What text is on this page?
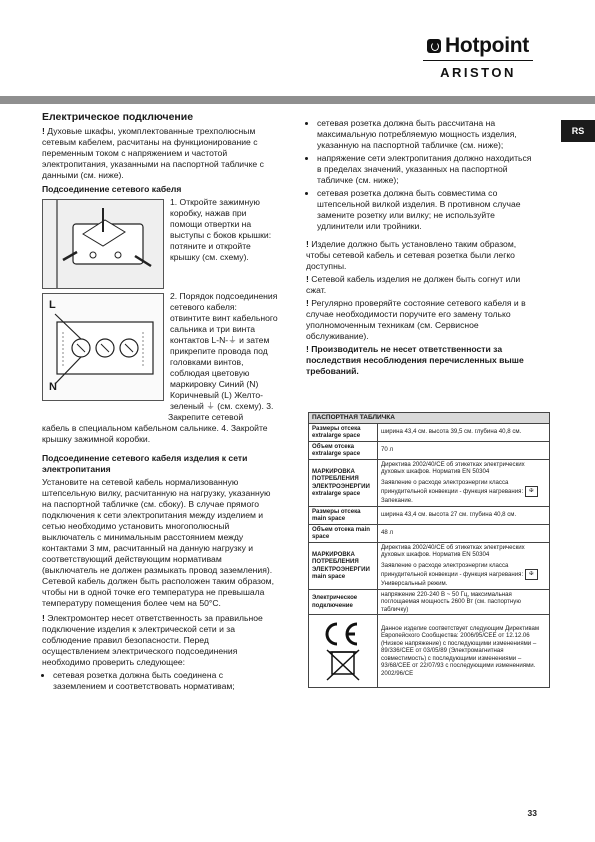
Hotpoint
ARISTON
RS
Електрическое подключение

! Духовые шкафы, укомплектованные трехполюсным сетевым кабелем, расчитаны на функционирование с переменным током с напряжением и частотой электропитания, указанными на паспортной табличке с данными (см. ниже).

Подсоединение сетевого кабеля
1. Откройте зажимную коробку, нажав при помощи отвертки на выступы с боков крышки: потяните и откройте крышку (см. схему).
L
N
2. Порядок подсоединения сетевого кабеля: отвинтите винт кабельного сальника и три винта контактов L-N-⏚ и затем прикрепите провода под головками винтов, соблюдая цветовую маркировку Синий (N) Коричневый (L) Желто-зеленый ⏚ (см. схему). 3. Закрепите сетевой

кабель в специальном кабельном сальнике. 4. Закройте крышку зажимной коробки.

Подсоединение сетевого кабеля изделия к сети электропитания

Установите на сетевой кабель нормализованную штепсельную вилку, расчитанную на нагрузку, указанную на паспортной табличке (см. сбоку). В случае прямого подключения к сети электропитания между изделием и сетью необходимо установить многополюсный выключатель с минимальным расстоянием между контактами 3 мм, расчитанный на данную нагрузку и соответствующий действующим нормативам (выключатель не должен размыкать провод заземления). Сетевой кабель должен быть расположен таким образом, чтобы ни в одной точке его температура не превышала температуру помещения более чем на 50°C.

! Электромонтер несет ответственность за правильное подключение изделия к электрической сети и за соблюдение правил безопасности. Перед осуществлением электрического подсоединения необходимо проверить следующее:

• сетевая розетка должна быть соединена с заземлением и соответствовать нормативам;
• сетевая розетка должна быть рассчитана на максимальную потребляемую мощность изделия, указанную на паспортной табличке (см. ниже);
• напряжение сети электропитания должно находиться в пределах значений, указанных на паспортной табличке (см. ниже);
• сетевая розетка должна быть совместима со штепсельной вилкой изделия. В противном случае замените розетку или вилку; не используйте удлинители или тройники.

! Изделие должно быть установлено таким образом, чтобы сетевой кабель и сетевая розетка были легко доступны.

! Сетевой кабель изделия не должен быть согнут или сжат.

! Регулярно проверяйте состояние сетевого кабеля и в случае необходимости поручите его замену только уполномоченным техникам (см. Сервисное обслуживание).

! Производитель не несет ответственности за последствия несоблюдения перечисленных выше требований.

ПАСПОРТНАЯ ТАБЛИЧКА	
Размеры отсека extralarge space	ширина 43,4 см. высота 39,5 см. глубина 40,8 см.
Объем отсека extralarge space	70 л
МАРКИРОВКА ПОТРЕБЛЕНИЯ ЭЛЕКТРОЭНЕРГИИ extralarge space	Директива 2002/40/CE об этикетках электрических духовых шкафов. Норматив EN 50304
Заявление о расходе электроэнергии класса принудительной конвекции - функция нагревания: ✠
Запекание.

Размеры отсека main space	ширина 43,4 см. высота 27 см. глубина 40,8 см.
Объем отсека main space	48 л
МАРКИРОВКА ПОТРЕБЛЕНИЯ ЭЛЕКТРОЭНЕРГИИ main space	Директива 2002/40/CE об этикетках электрических духовых шкафов. Норматив EN 50304
Заявление о расходе электроэнергии класса принудительной конвекции - функция нагревания: ✠
Универсальный режим.

Электрическое подключение	напряжение 220-240 В ~ 50 Гц, максимальная поглощаемая мощность 2600 Вт (см. паспортную табличку)
	Данное изделие соответствует следующим Директивам Европейского Сообщества: 2006/95/CEE от 12.12.06 (Низкое напряжение) с последующими изменениями – 89/336/CEE от 03/05/89 (Электромагнитная совместимость) с последующими изменениями – 93/68/CEE от 22/07/93 с последующими изменениями. 2002/96/CE
33
